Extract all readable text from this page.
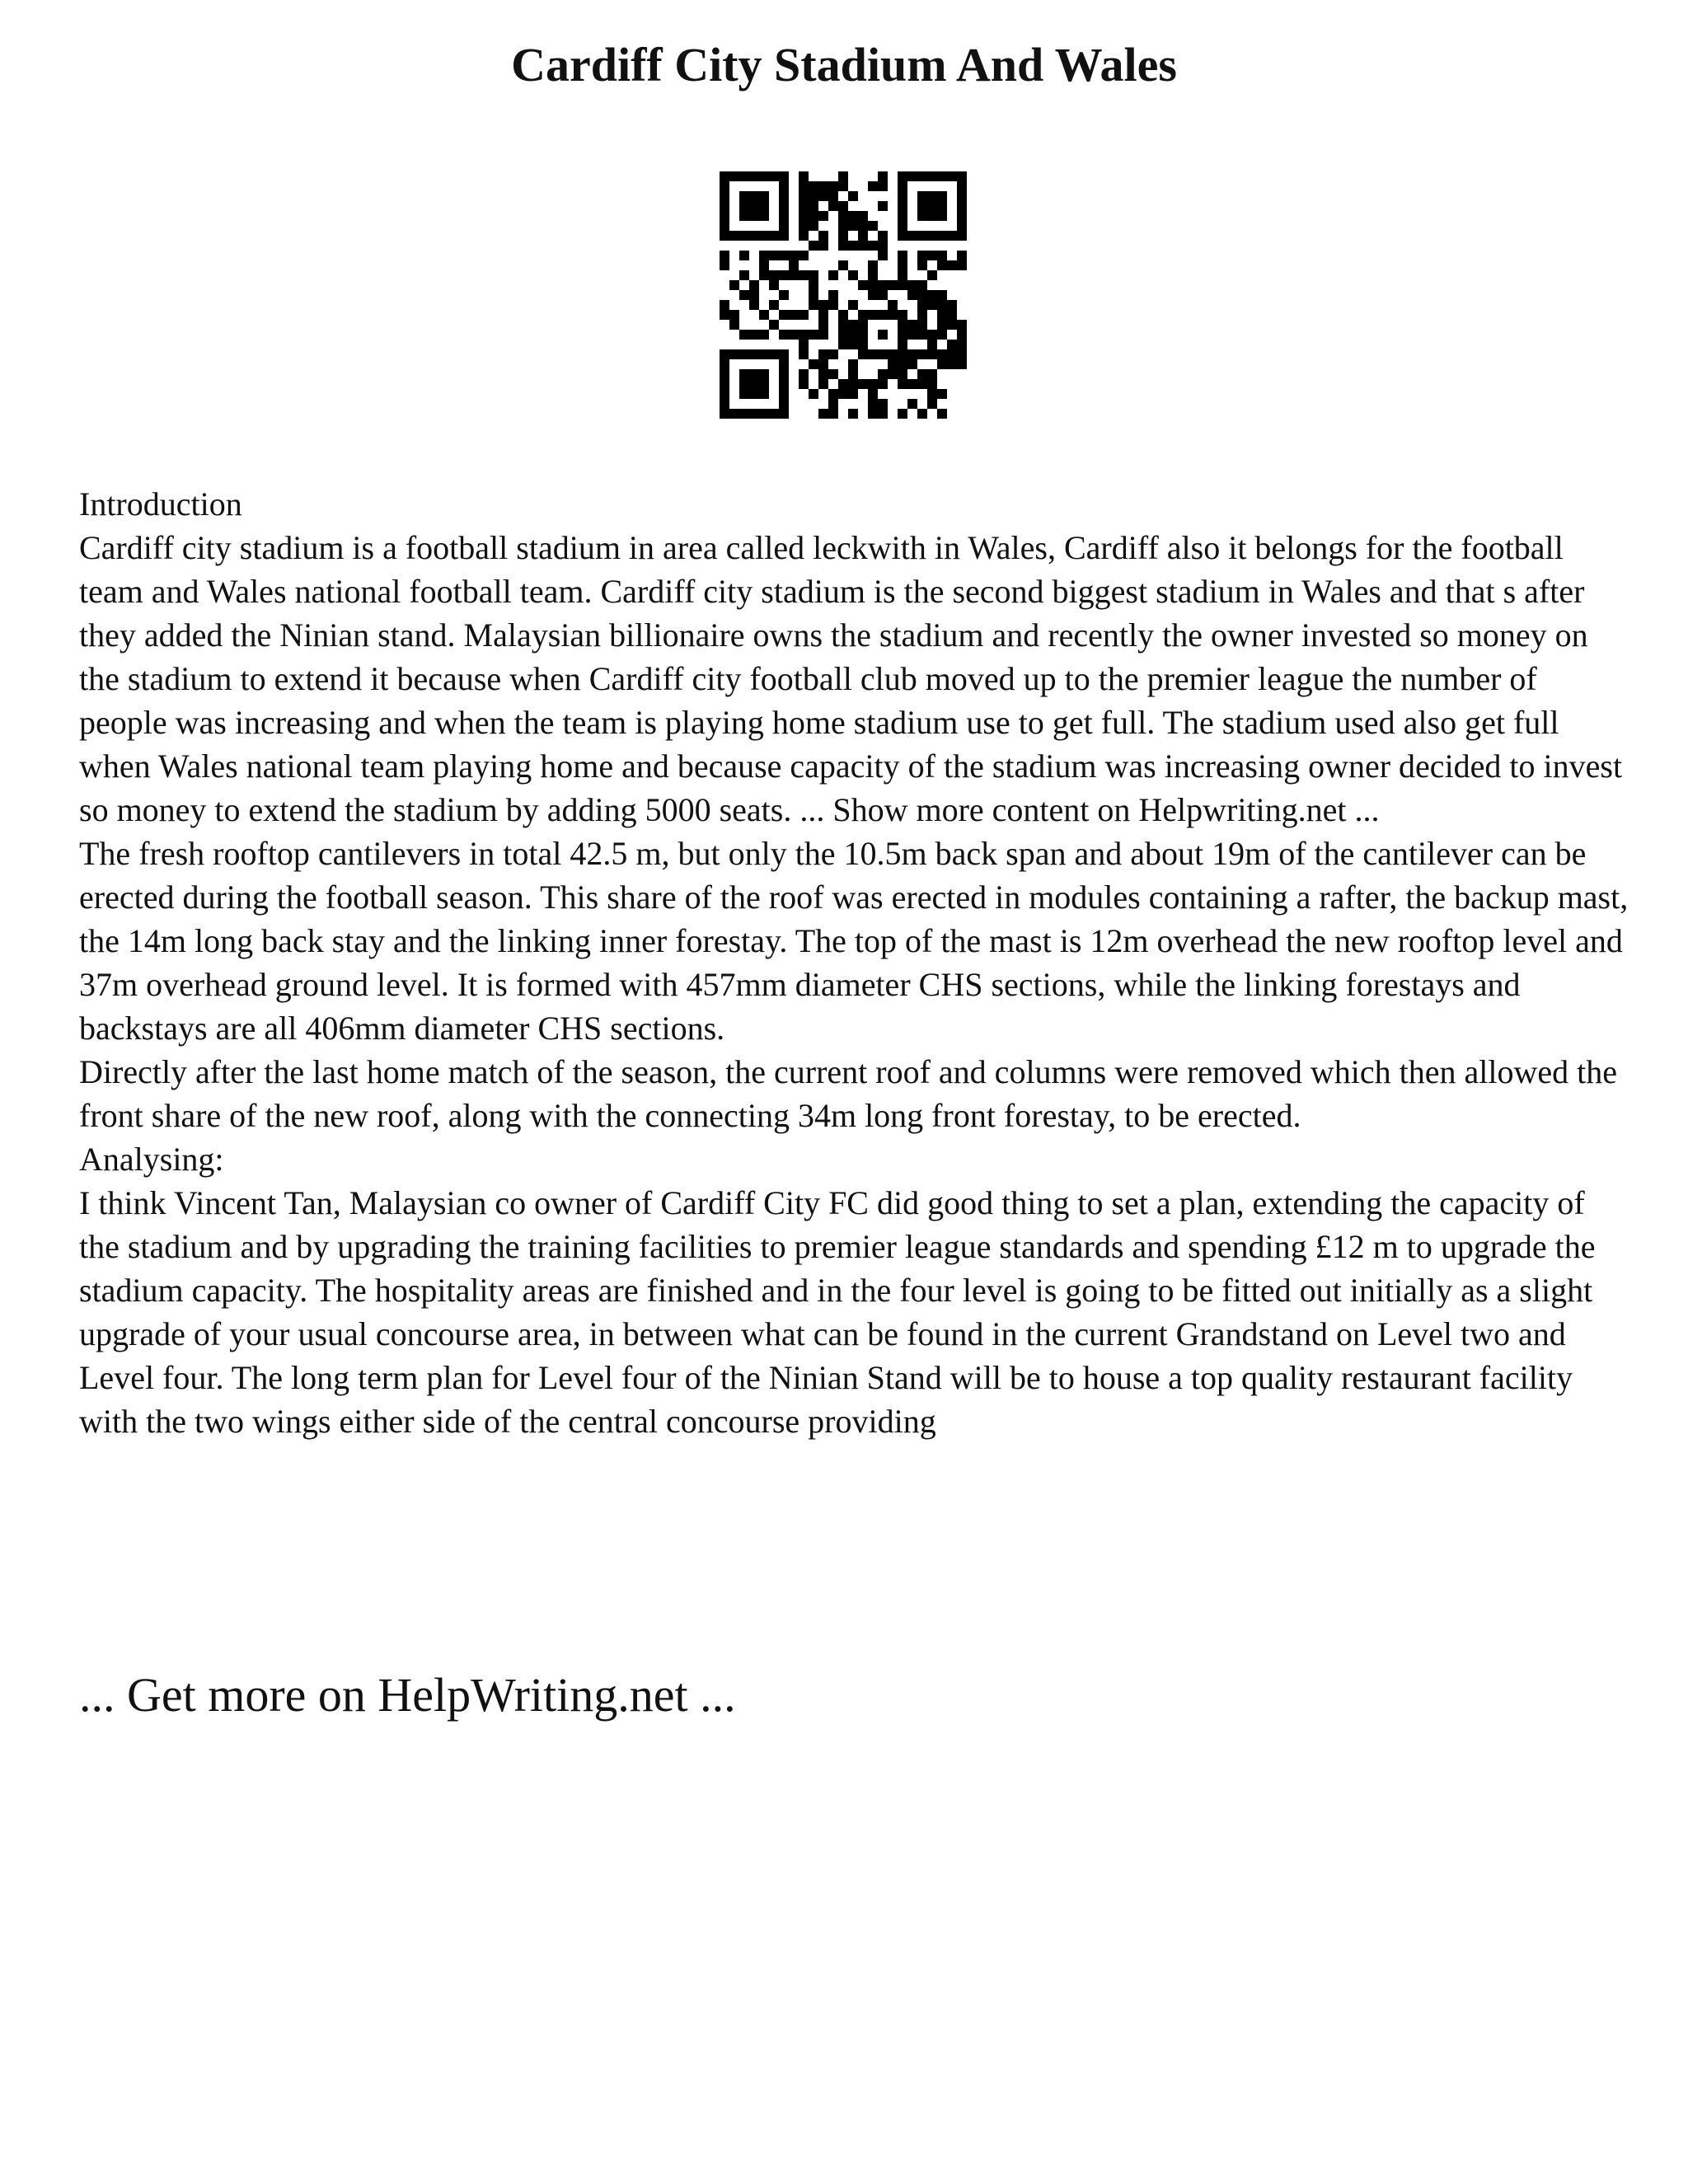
Cardiff City Stadium And Wales

Introduction

Cardiff city stadium is a football stadium in area called leckwith in Wales, Cardiff also it belongs for the football team and Wales national football team. Cardiff city stadium is the second biggest stadium in Wales and that s after they added the Ninian stand. Malaysian billionaire owns the stadium and recently the owner invested so money on the stadium to extend it because when Cardiff city football club moved up to the premier league the number of people was increasing and when the team is playing home stadium use to get full. The stadium used also get full when Wales national team playing home and because capacity of the stadium was increasing owner decided to invest so money to extend the stadium by adding 5000 seats. ... Show more content on Helpwriting.net ...

The fresh rooftop cantilevers in total 42.5 m, but only the 10.5m back span and about 19m of the cantilever can be erected during the football season. This share of the roof was erected in modules containing a rafter, the backup mast, the 14m long back stay and the linking inner forestay. The top of the mast is 12m overhead the new rooftop level and 37m overhead ground level. It is formed with 457mm diameter CHS sections, while the linking forestays and backstays are all 406mm diameter CHS sections.

Directly after the last home match of the season, the current roof and columns were removed which then allowed the front share of the new roof, along with the connecting 34m long front forestay, to be erected.

Analysing:

I think Vincent Tan, Malaysian co owner of Cardiff City FC did good thing to set a plan, extending the capacity of the stadium and by upgrading the training facilities to premier league standards and spending £12 m to upgrade the stadium capacity. The hospitality areas are finished and in the four level is going to be fitted out initially as a slight upgrade of your usual concourse area, in between what can be found in the current Grandstand on Level two and Level four. The long term plan for Level four of the Ninian Stand will be to house a top quality restaurant facility with the two wings either side of the central concourse providing

... Get more on HelpWriting.net ...
